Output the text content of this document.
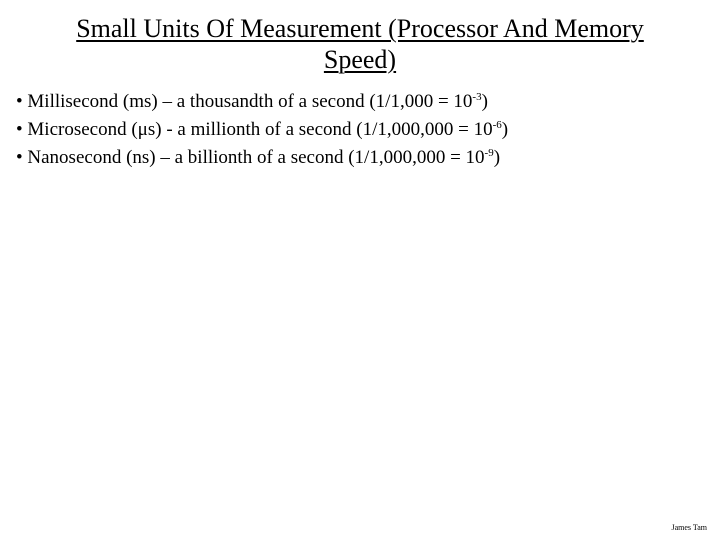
Small Units Of Measurement (Processor And Memory Speed)
• Millisecond (ms) – a thousandth of a second $(1/1,000 = 10^{-3})$
• Microsecond (μs) - a millionth of a second $(1/1,000,000 = 10^{-6})$
• Nanosecond (ns) – a billionth of a second $(1/1,000,000 = 10^{-9})$
James Tam
